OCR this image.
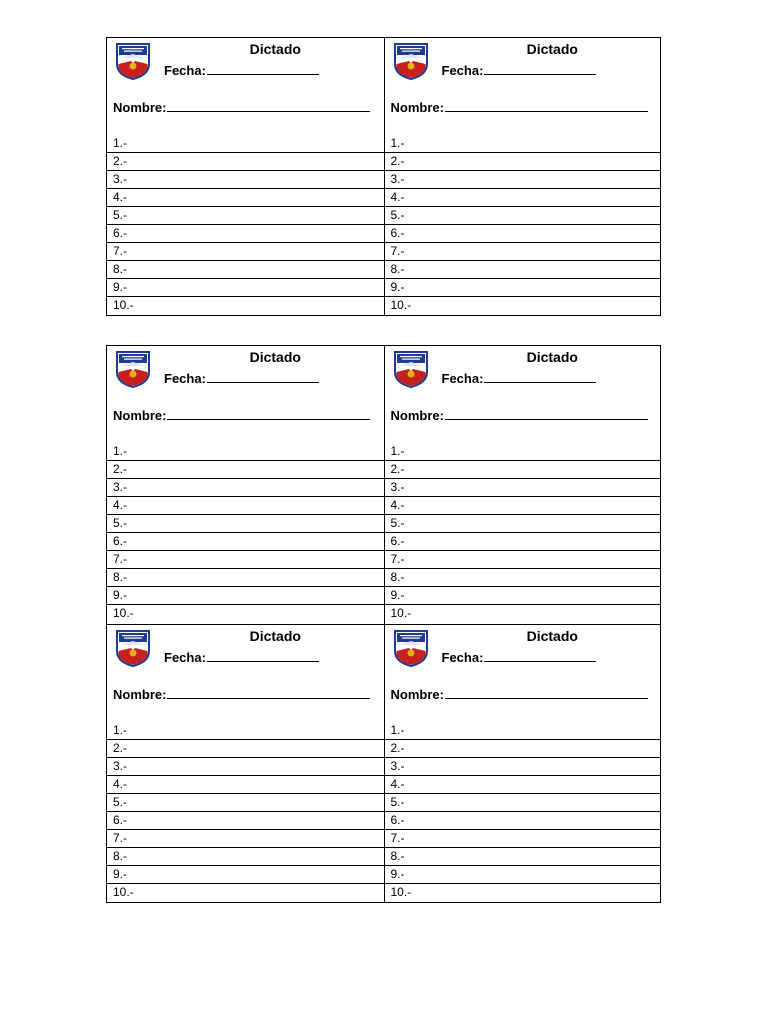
Dictado
Fecha:
Nombre:
1.-
2.-
3.-
4.-
5.-
6.-
7.-
8.-
9.-
10.-
Dictado
Fecha:
Nombre:
1.-
2.-
3.-
4.-
5.-
6.-
7.-
8.-
9.-
10.-
Dictado
Fecha:
Nombre:
1.-
2.-
3.-
4.-
5.-
6.-
7.-
8.-
9.-
10.-
Dictado
Fecha:
Nombre:
1.-
2.-
3.-
4.-
5.-
6.-
7.-
8.-
9.-
10.-
Dictado
Fecha:
Nombre:
1.-
2.-
3.-
4.-
5.-
6.-
7.-
8.-
9.-
10.-
Dictado
Fecha:
Nombre:
1.-
2.-
3.-
4.-
5.-
6.-
7.-
8.-
9.-
10.-
